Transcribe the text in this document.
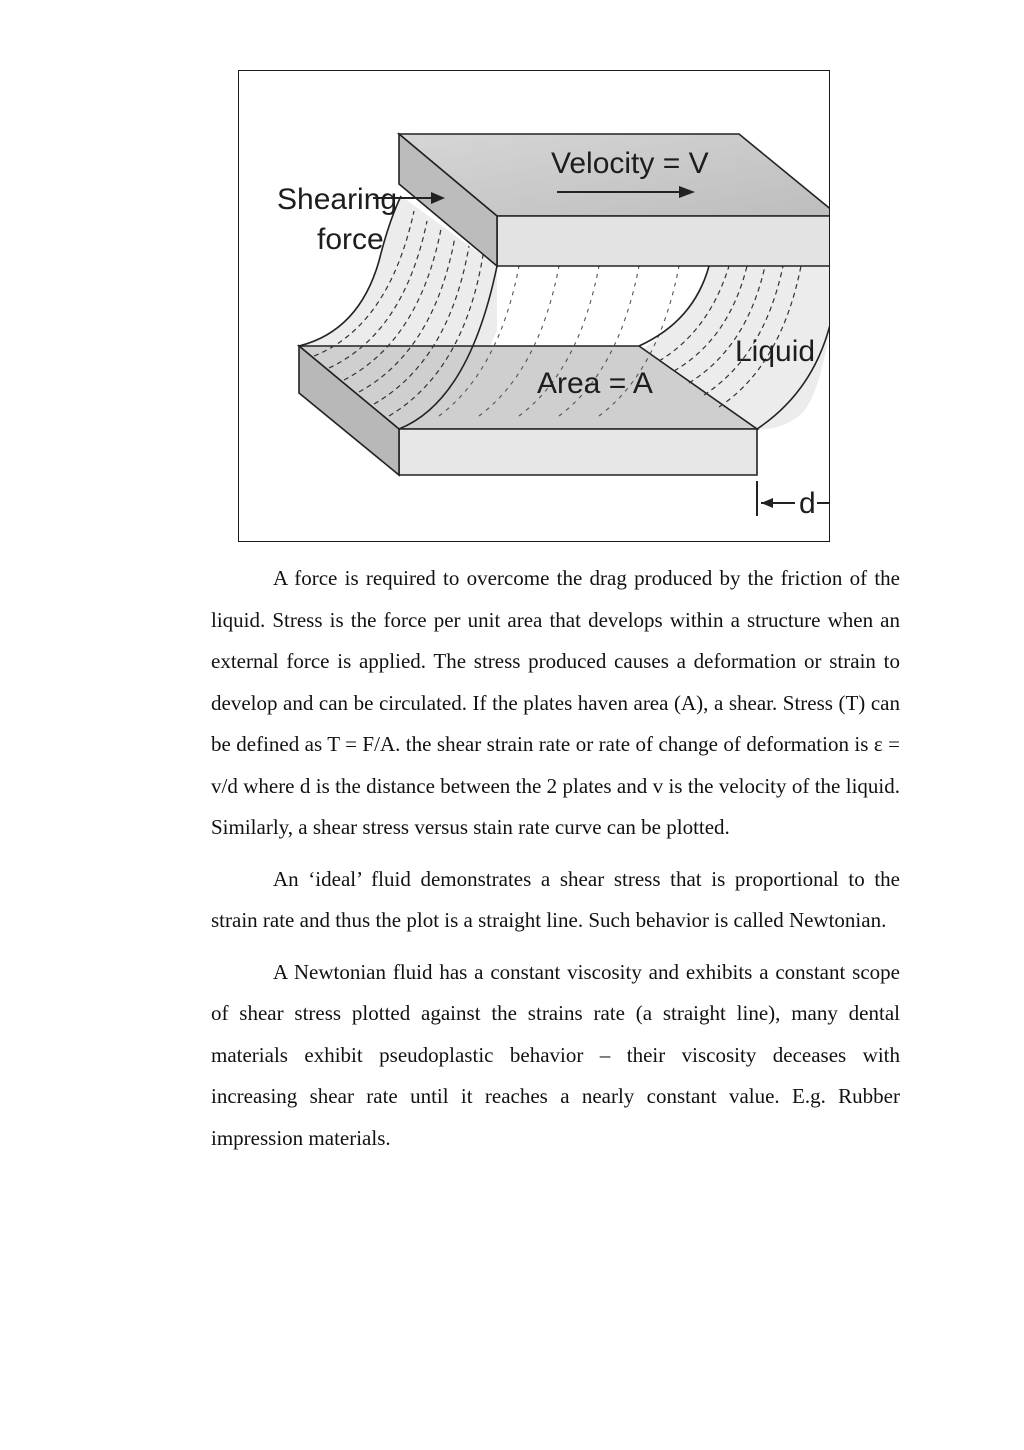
Shearing
force
Velocity = V
Liquid
Area = A
d

A force is required to overcome the drag produced by the friction of the liquid. Stress is the force per unit area that develops within a structure when an external force is applied. The stress produced causes a deformation or strain to develop and can be circulated. If the plates haven area (A), a shear. Stress (T) can be defined as T = F/A. the shear strain rate or rate of change of deformation is ε = v/d where d is the distance between the 2 plates and v is the velocity of the liquid. Similarly, a shear stress versus stain rate curve can be plotted.

An ‘ideal’ fluid demonstrates a shear stress that is proportional to the strain rate and thus the plot is a straight line. Such behavior is called Newtonian.

A Newtonian fluid has a constant viscosity and exhibits a constant scope of shear stress plotted against the strains rate (a straight line), many dental materials exhibit pseudoplastic behavior – their viscosity deceases with increasing shear rate until it reaches a nearly constant value. E.g. Rubber impression materials.
